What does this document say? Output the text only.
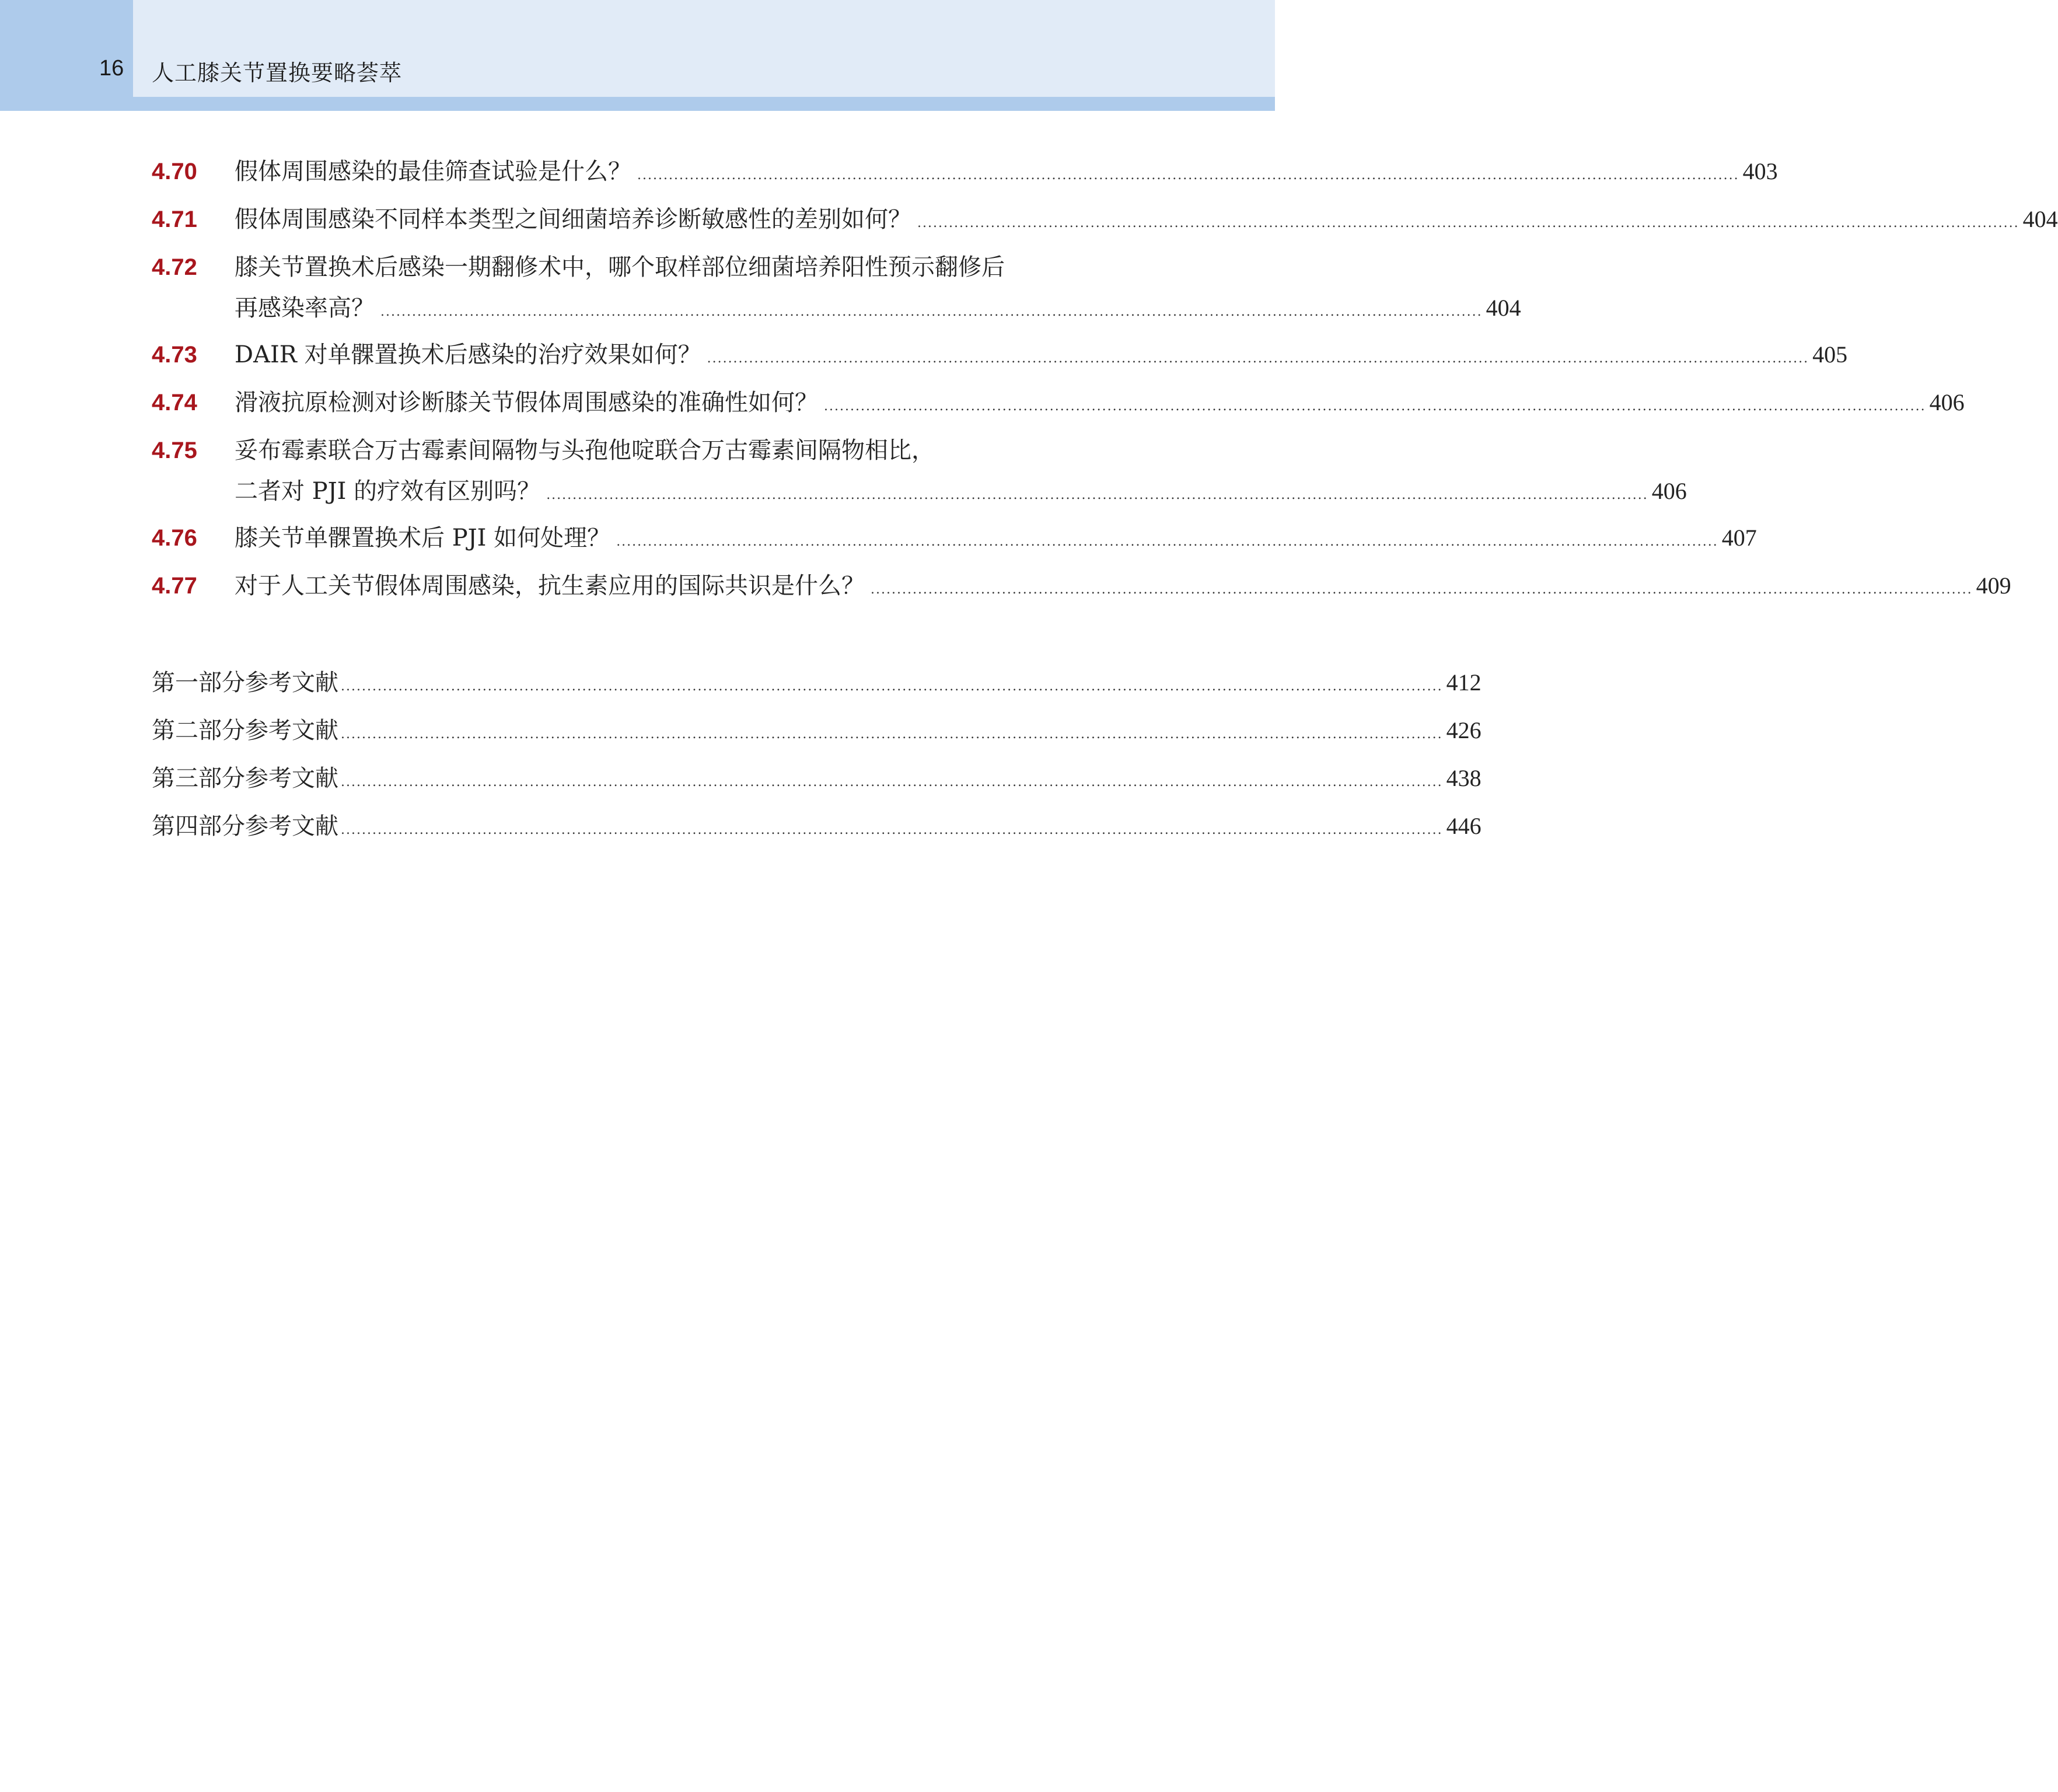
16 人工膝关节置换要略荟萃
4.70 假体周围感染的最佳筛查试验是什么？ .................................................................................................................................................................................................................. 403
4.71 假体周围感染不同样本类型之间细菌培养诊断敏感性的差别如何？ .................................................................................................................................................................................................................. 404
4.72 膝关节置换术后感染一期翻修术中，哪个取样部位细菌培养阳性预示翻修后
再感染率高？ .................................................................................................................................................................................................................. 404
4.73 DAIR 对单髁置换术后感染的治疗效果如何？ .................................................................................................................................................................................................................. 405
4.74 滑液抗原检测对诊断膝关节假体周围感染的准确性如何？ .................................................................................................................................................................................................................. 406
4.75 妥布霉素联合万古霉素间隔物与头孢他啶联合万古霉素间隔物相比，
二者对 PJI 的疗效有区别吗？ .................................................................................................................................................................................................................. 406
4.76 膝关节单髁置换术后 PJI 如何处理？ .................................................................................................................................................................................................................. 407
4.77 对于人工关节假体周围感染，抗生素应用的国际共识是什么？ .................................................................................................................................................................................................................. 409
第一部分参考文献 .................................................................................................................................................................................................................. 412
第二部分参考文献 .................................................................................................................................................................................................................. 426
第三部分参考文献 .................................................................................................................................................................................................................. 438
第四部分参考文献 .................................................................................................................................................................................................................. 446
